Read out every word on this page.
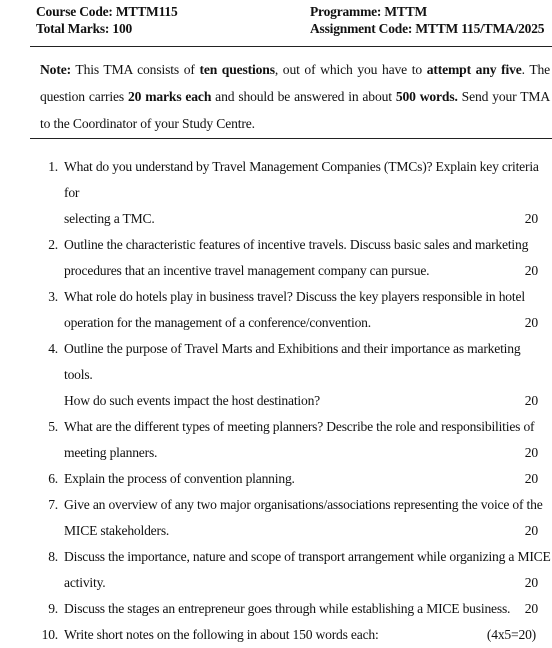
Course Code: MTTM115
Total Marks: 100
Programme: MTTM
Assignment Code: MTTM 115/TMA/2025
Note: This TMA consists of ten questions, out of which you have to attempt any five. The question carries 20 marks each and should be answered in about 500 words. Send your TMA to the Coordinator of your Study Centre.
1. What do you understand by Travel Management Companies (TMCs)? Explain key criteria for
selecting a TMC.	20
2. Outline the characteristic features of incentive travels. Discuss basic sales and marketing
procedures that an incentive travel management company can pursue.	20
3. What role do hotels play in business travel? Discuss the key players responsible in hotel
operation for the management of a conference/convention.	20
4. Outline the purpose of Travel Marts and Exhibitions and their importance as marketing tools.
How do such events impact the host destination?	20
5. What are the different types of meeting planners? Describe the role and responsibilities of
meeting planners.	20
6. Explain the process of convention planning.	20
7. Give an overview of any two major organisations/associations representing the voice of the
MICE stakeholders.	20
8. Discuss the importance, nature and scope of transport arrangement while organizing a MICE
activity.	20
9. Discuss the stages an entrepreneur goes through while establishing a MICE business. 20
10. Write short notes on the following in about 150 words each:	(4x5=20)
